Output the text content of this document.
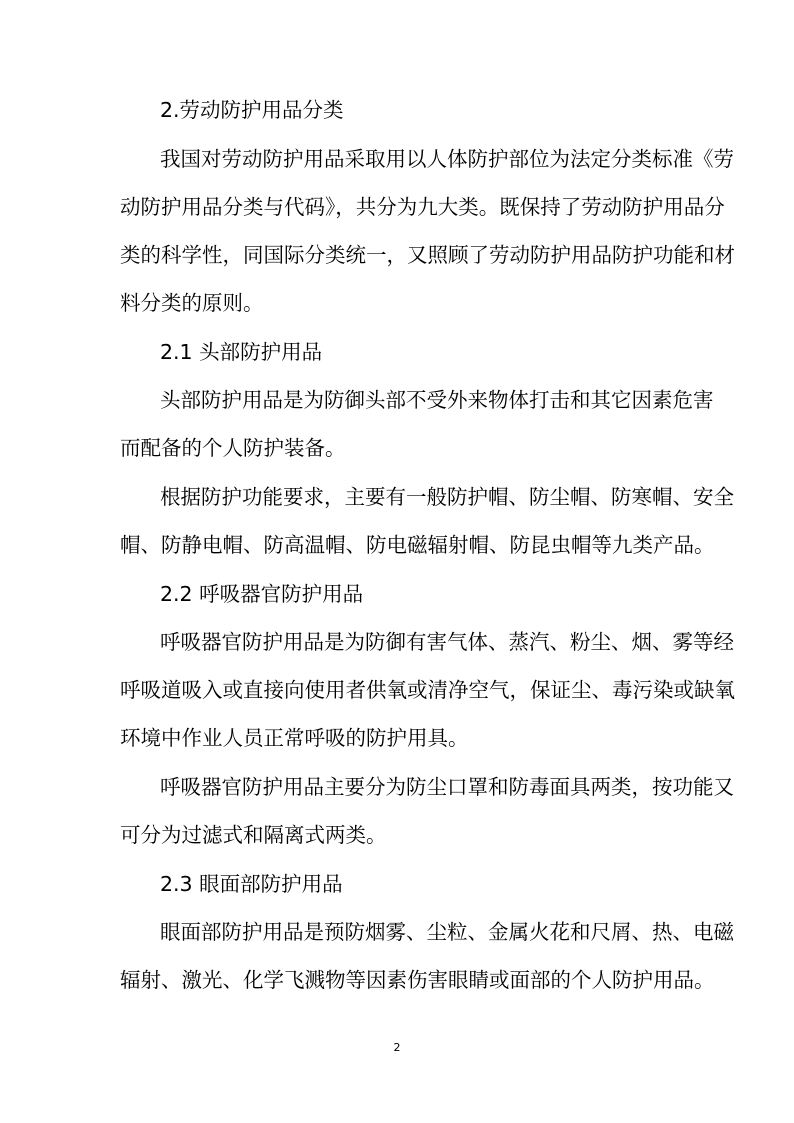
2.劳动防护用品分类
我国对劳动防护用品采取用以人体防护部位为法定分类标准《劳
动防护用品分类与代码》，共分为九大类。既保持了劳动防护用品分
类的科学性，同国际分类统一，又照顾了劳动防护用品防护功能和材
料分类的原则。
2.1 头部防护用品
头部防护用品是为防御头部不受外来物体打击和其它因素危害
而配备的个人防护装备。
根据防护功能要求，主要有一般防护帽、防尘帽、防寒帽、安全
帽、防静电帽、防高温帽、防电磁辐射帽、防昆虫帽等九类产品。
2.2 呼吸器官防护用品
呼吸器官防护用品是为防御有害气体、蒸汽、粉尘、烟、雾等经
呼吸道吸入或直接向使用者供氧或清净空气，保证尘、毒污染或缺氧
环境中作业人员正常呼吸的防护用具。
呼吸器官防护用品主要分为防尘口罩和防毒面具两类，按功能又
可分为过滤式和隔离式两类。
2.3 眼面部防护用品
眼面部防护用品是预防烟雾、尘粒、金属火花和尺屑、热、电磁
辐射、激光、化学飞溅物等因素伤害眼睛或面部的个人防护用品。
2
